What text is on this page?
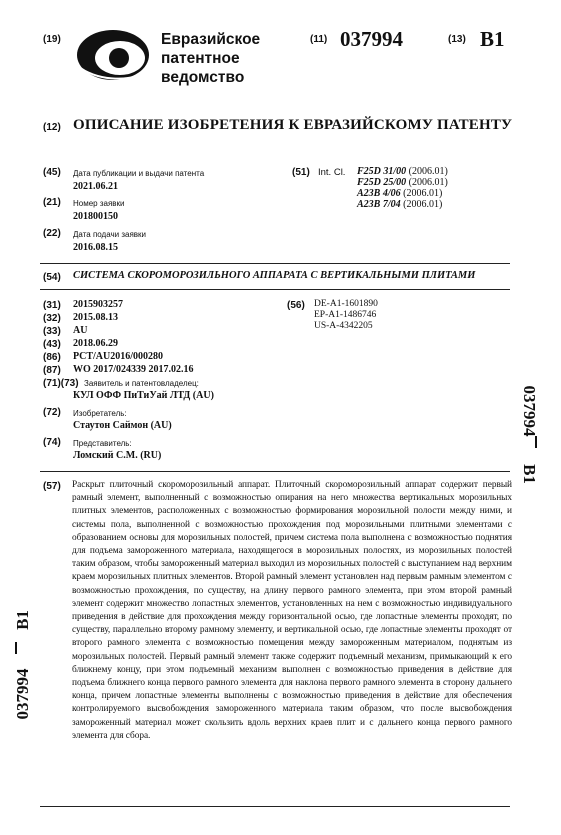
(19)	Евразийское
патентное
ведомство
(11) 037994	(13) B1
(12) ОПИСАНИЕ ИЗОБРЕТЕНИЯ К ЕВРАЗИЙСКОМУ ПАТЕНТУ
(45) Дата публикации и выдачи патента
2021.06.21
(21) Номер заявки
201800150
(22) Дата подачи заявки
2016.08.15
(51) Int. Cl. F25D 31/00 (2006.01)
F25D 25/00 (2006.01)
A23B 4/06 (2006.01)
A23B 7/04 (2006.01)
(54) СИСТЕМА СКОРОМОРОЗИЛЬНОГО АППАРАТА С ВЕРТИКАЛЬНЫМИ ПЛИТАМИ
(31) 2015903257
(32) 2015.08.13
(33) AU
(43) 2018.06.29
(86) PCT/AU2016/000280
(87) WO 2017/024339 2017.02.16
(56) DE-A1-1601890
EP-A1-1486746
US-A-4342205
(71)(73) Заявитель и патентовладелец:
КУЛ ОФФ ПиТиУай ЛТД (AU)
(72) Изобретатель:
Стаутон Саймон (AU)
(74) Представитель:
Ломский С.М. (RU)
(57) Раскрыт плиточный скороморозильный аппарат. Плиточный скороморозильный аппарат содержит первый рамный элемент, выполненный с возможностью опирания на него множества вертикальных морозильных плитных элементов, расположенных с возможностью формирования морозильной полости между ними, и системы пола, выполненной с возможностью прохождения под морозильными плитными элементами с образованием основы для морозильных полостей, причем система пола выполнена с возможностью поднятия для подъема замороженного материала, находящегося в морозильных полостях, из морозильных полостей таким образом, чтобы замороженный материал выходил из морозильных полостей с выступанием над верхним краем морозильных плитных элементов. Второй рамный элемент установлен над первым рамным элементом с возможностью прохождения, по существу, на длину первого рамного элемента, при этом второй рамный элемент содержит множество лопастных элементов, установленных на нем с возможностью индивидуального приведения в действие для прохождения между горизонтальной осью, где лопастные элементы проходят, по существу, параллельно второму рамному элементу, и вертикальной осью, где лопастные элементы проходят от второго рамного элемента с возможностью помещения между замороженным материалом, поднятым из морозильных полостей. Первый рамный элемент также содержит подъемный механизм, примыкающий к его ближнему концу, при этом подъемный механизм выполнен с возможностью приведения в действие для подъема ближнего конца первого рамного элемента для наклона первого рамного элемента в сторону дальнего конца, причем лопастные элементы выполнены с возможностью приведения в действие для обеспечения контролируемого высвобождения замороженного материала таким образом, что после высвобождения замороженный материал может скользить вдоль верхних краев плит и с дальнего конца первого рамного элемента для сбора.
037994
B1
B1
037994
